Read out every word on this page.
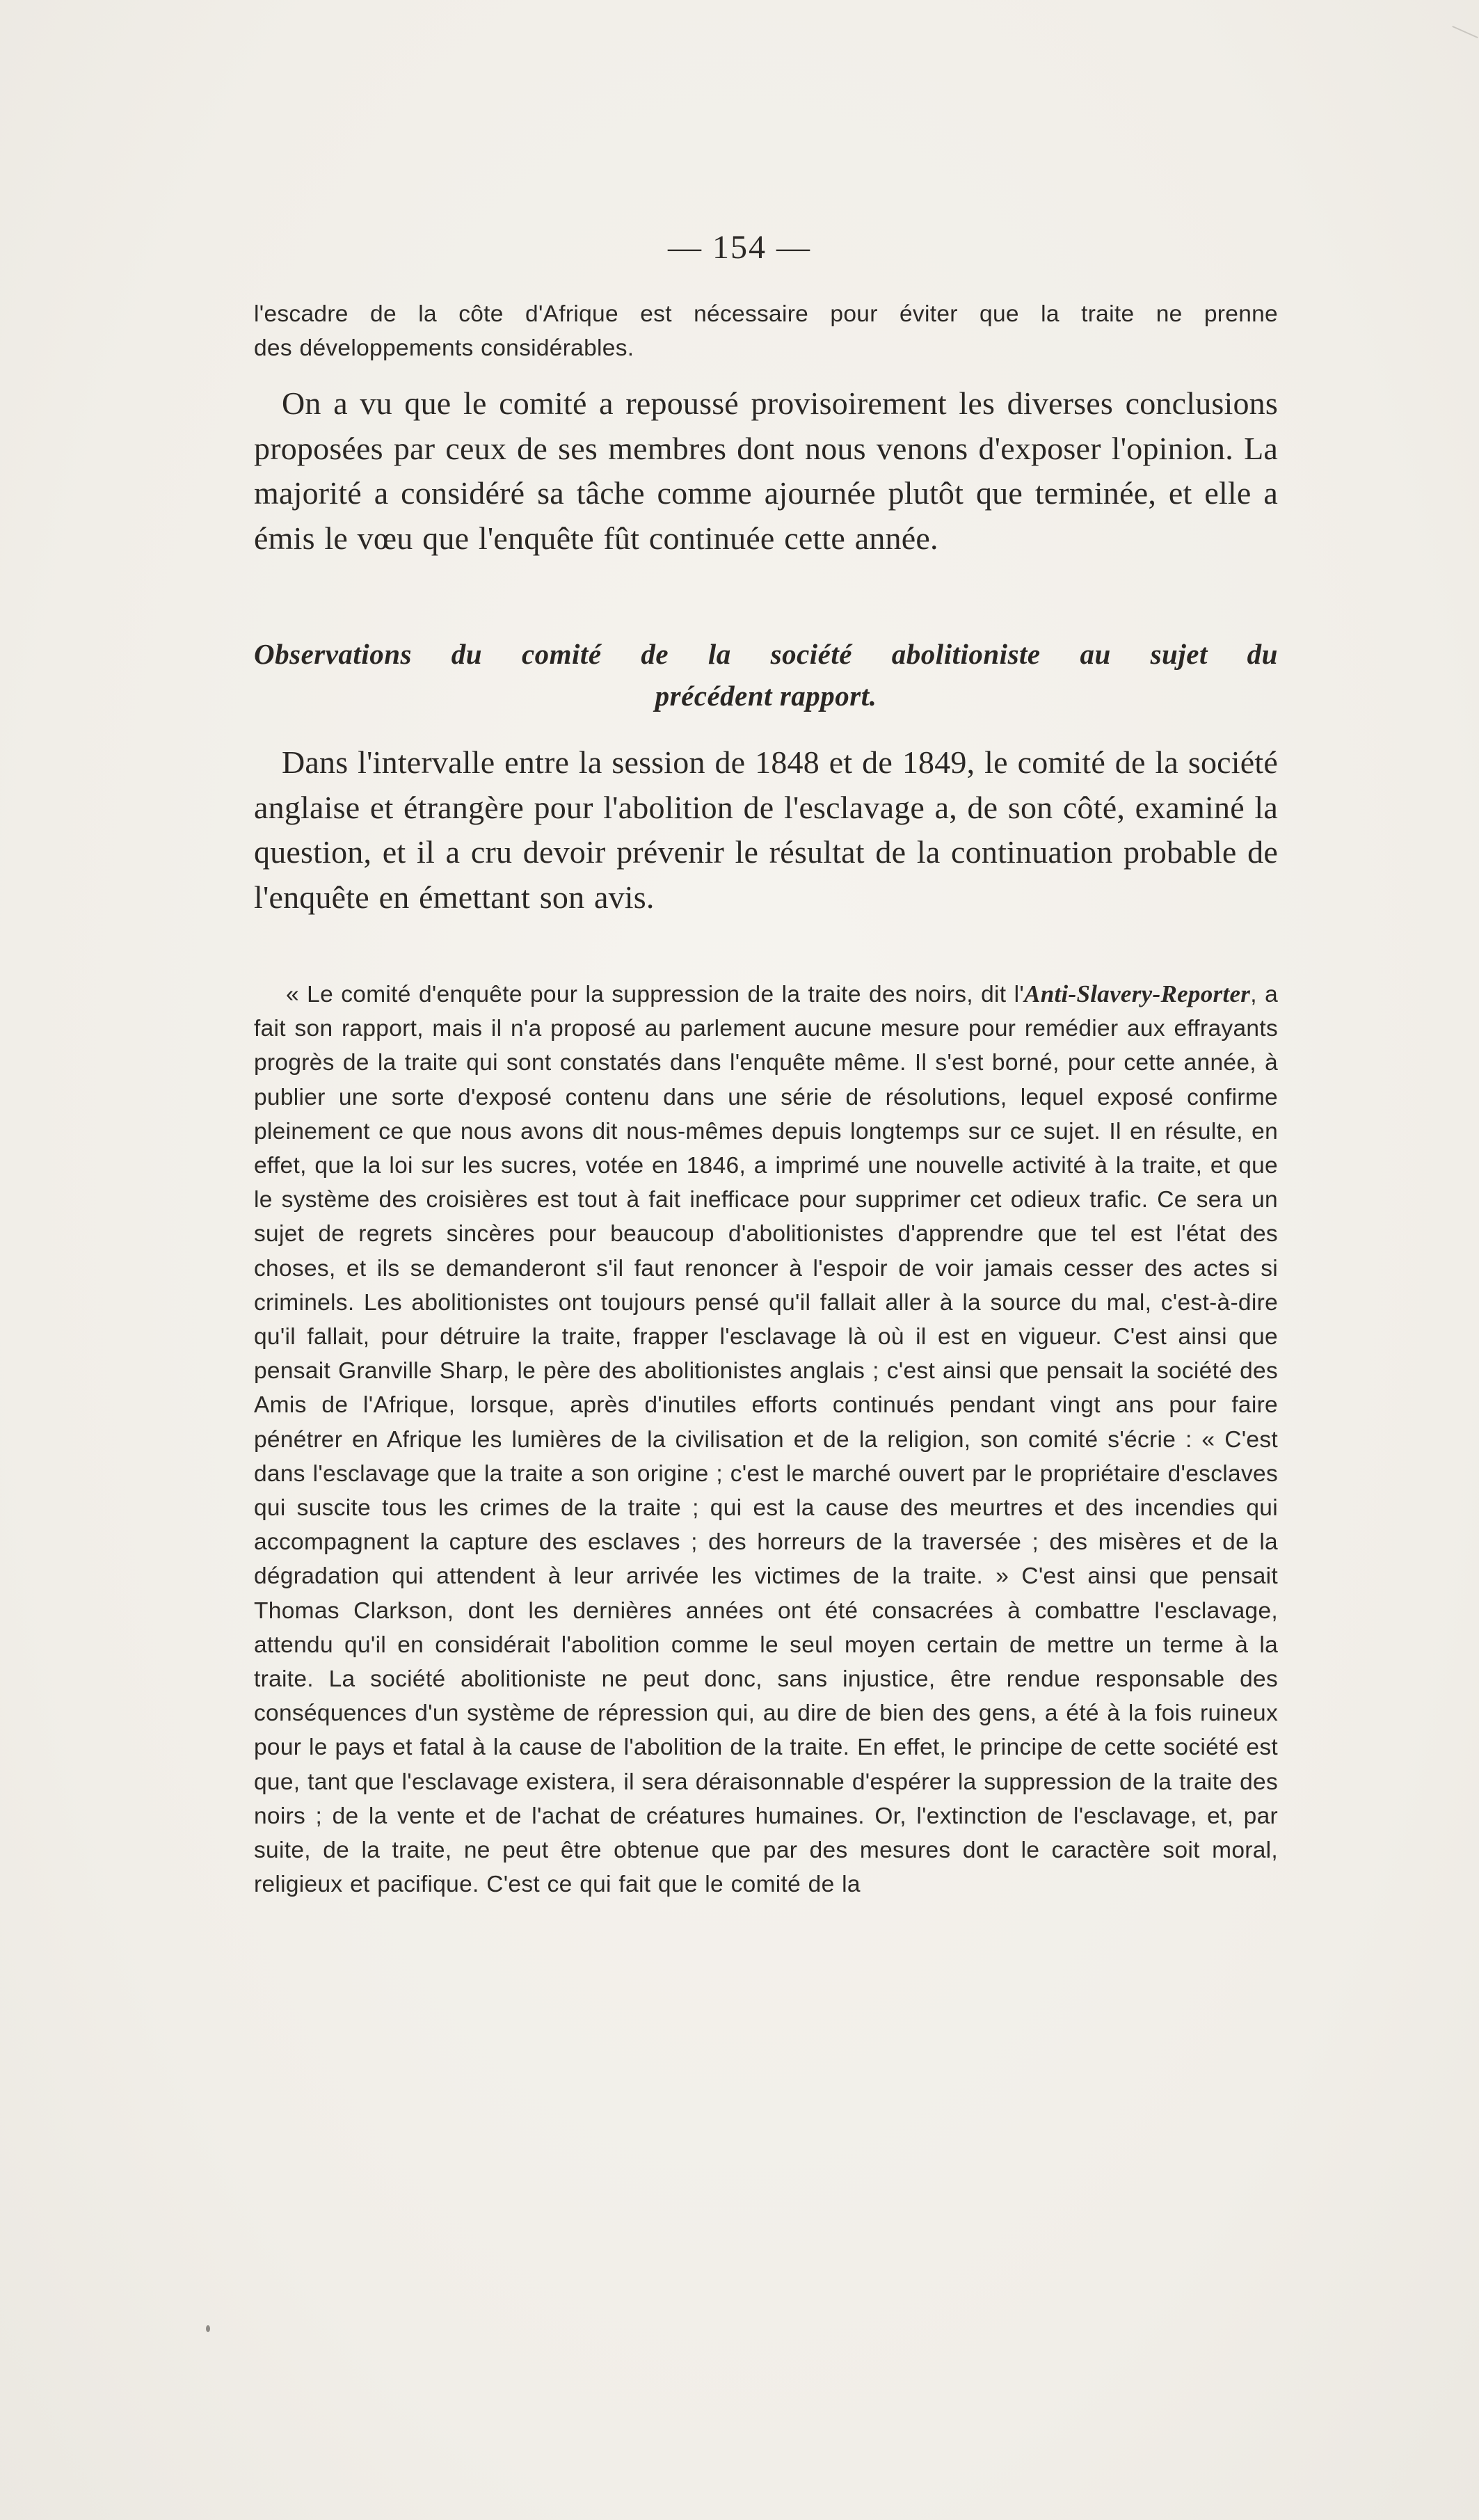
— 154 —

l'escadre de la côte d'Afrique est nécessaire pour éviter que la traite ne prenne

des développements considérables.

On a vu que le comité a repoussé provisoirement les diverses conclusions proposées par ceux de ses membres dont nous venons d'exposer l'opinion. La majorité a considéré sa tâche comme ajournée plutôt que terminée, et elle a émis le vœu que l'enquête fût continuée cette année.
Observations du comité de la société abolitioniste au sujet du
précédent rapport.
Dans l'intervalle entre la session de 1848 et de 1849, le comité de la société anglaise et étrangère pour l'abolition de l'esclavage a, de son côté, examiné la question, et il a cru devoir prévenir le résultat de la continuation probable de l'enquête en émettant son avis.
« Le comité d'enquête pour la suppression de la traite des noirs, dit l'Anti-Slavery-Reporter, a fait son rapport, mais il n'a proposé au parlement aucune mesure pour remédier aux effrayants progrès de la traite qui sont constatés dans l'enquête même. Il s'est borné, pour cette année, à publier une sorte d'exposé contenu dans une série de résolutions, lequel exposé confirme pleinement ce que nous avons dit nous-mêmes depuis longtemps sur ce sujet. Il en résulte, en effet, que la loi sur les sucres, votée en 1846, a imprimé une nouvelle activité à la traite, et que le système des croisières est tout à fait inefficace pour supprimer cet odieux trafic. Ce sera un sujet de regrets sincères pour beaucoup d'abolitionistes d'apprendre que tel est l'état des choses, et ils se demanderont s'il faut renoncer à l'espoir de voir jamais cesser des actes si criminels. Les abolitionistes ont toujours pensé qu'il fallait aller à la source du mal, c'est-à-dire qu'il fallait, pour détruire la traite, frapper l'esclavage là où il est en vigueur. C'est ainsi que pensait Granville Sharp, le père des abolitionistes anglais ; c'est ainsi que pensait la société des Amis de l'Afrique, lorsque, après d'inutiles efforts continués pendant vingt ans pour faire pénétrer en Afrique les lumières de la civilisation et de la religion, son comité s'écrie : « C'est dans l'esclavage que la traite a son origine ; c'est le marché ouvert par le propriétaire d'esclaves qui suscite tous les crimes de la traite ; qui est la cause des meurtres et des incendies qui accompagnent la capture des esclaves ; des horreurs de la traversée ; des misères et de la dégradation qui attendent à leur arrivée les victimes de la traite. » C'est ainsi que pensait Thomas Clarkson, dont les dernières années ont été consacrées à combattre l'esclavage, attendu qu'il en considérait l'abolition comme le seul moyen certain de mettre un terme à la traite. La société abolitioniste ne peut donc, sans injustice, être rendue responsable des conséquences d'un système de répression qui, au dire de bien des gens, a été à la fois ruineux pour le pays et fatal à la cause de l'abolition de la traite. En effet, le principe de cette société est que, tant que l'esclavage existera, il sera déraisonnable d'espérer la suppression de la traite des noirs ; de la vente et de l'achat de créatures humaines. Or, l'extinction de l'esclavage, et, par suite, de la traite, ne peut être obtenue que par des mesures dont le caractère soit moral, religieux et pacifique. C'est ce qui fait que le comité de la
